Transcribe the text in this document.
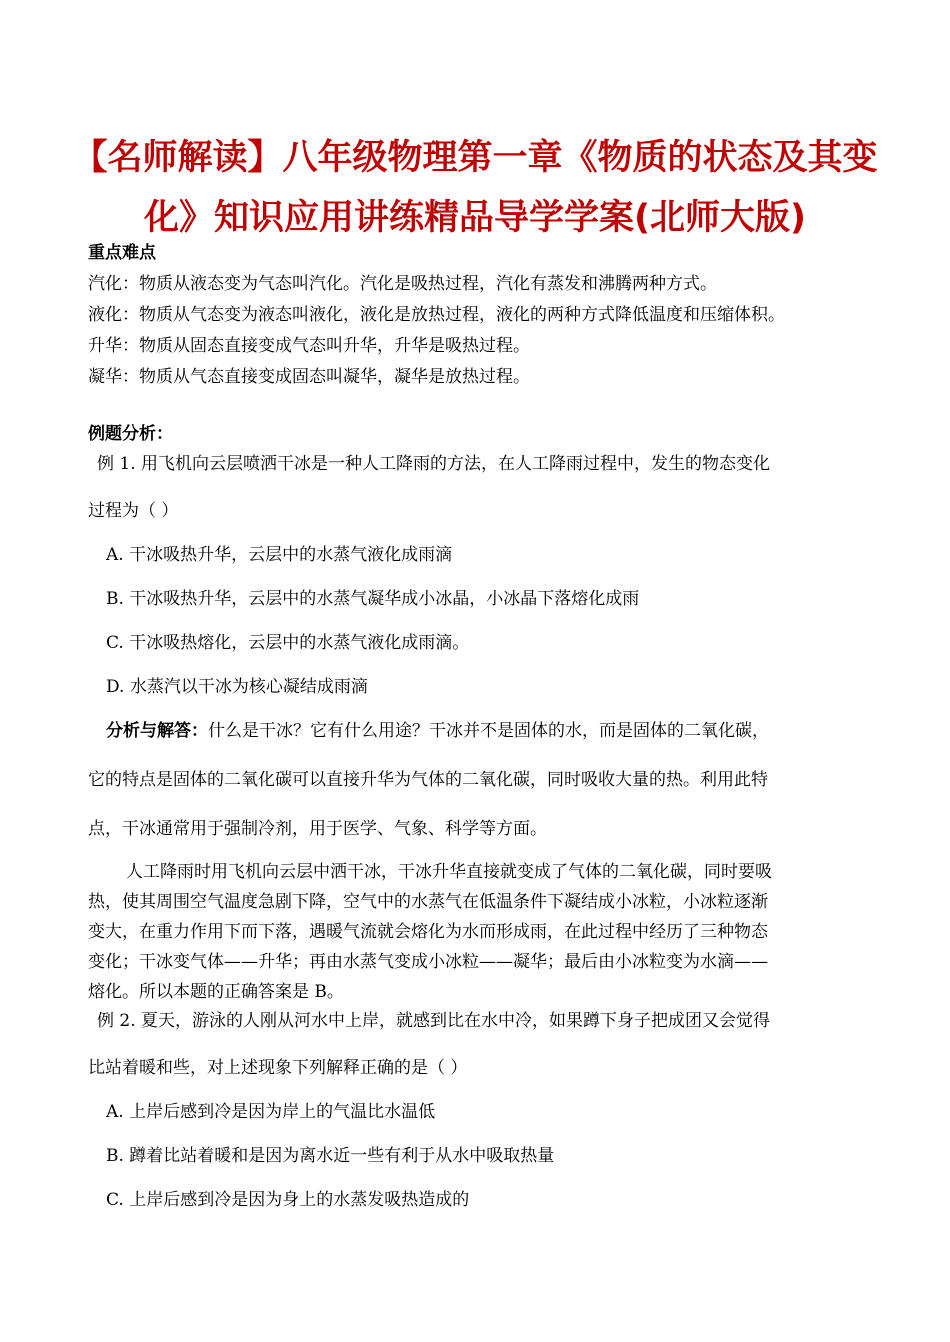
【名师解读】八年级物理第一章《物质的状态及其变
化》知识应用讲练精品导学学案(北师大版)
重点难点
汽化：物质从液态变为气态叫汽化。汽化是吸热过程，汽化有蒸发和沸腾两种方式。
液化：物质从气态变为液态叫液化，液化是放热过程，液化的两种方式降低温度和压缩体积。
升华：物质从固态直接变成气态叫升华，升华是吸热过程。
凝华：物质从气态直接变成固态叫凝华，凝华是放热过程。
例题分析：
例 1. 用飞机向云层喷洒干冰是一种人工降雨的方法，在人工降雨过程中，发生的物态变化
过程为（ ）
A. 干冰吸热升华，云层中的水蒸气液化成雨滴
B. 干冰吸热升华，云层中的水蒸气凝华成小冰晶，小冰晶下落熔化成雨
C. 干冰吸热熔化，云层中的水蒸气液化成雨滴。
D. 水蒸汽以干冰为核心凝结成雨滴
分析与解答：什么是干冰？它有什么用途？干冰并不是固体的水，而是固体的二氧化碳，
它的特点是固体的二氧化碳可以直接升华为气体的二氧化碳，同时吸收大量的热。利用此特
点，干冰通常用于强制冷剂，用于医学、气象、科学等方面。
人工降雨时用飞机向云层中洒干冰，干冰升华直接就变成了气体的二氧化碳，同时要吸
热，使其周围空气温度急剧下降，空气中的水蒸气在低温条件下凝结成小冰粒，小冰粒逐渐
变大，在重力作用下而下落，遇暖气流就会熔化为水而形成雨，在此过程中经历了三种物态
变化；干冰变气体——升华；再由水蒸气变成小冰粒——凝华；最后由小冰粒变为水滴——
熔化。所以本题的正确答案是 B。
例 2. 夏天，游泳的人刚从河水中上岸，就感到比在水中冷，如果蹲下身子把成团又会觉得
比站着暖和些，对上述现象下列解释正确的是（ ）
A. 上岸后感到冷是因为岸上的气温比水温低
B. 蹲着比站着暖和是因为离水近一些有利于从水中吸取热量
C. 上岸后感到冷是因为身上的水蒸发吸热造成的
